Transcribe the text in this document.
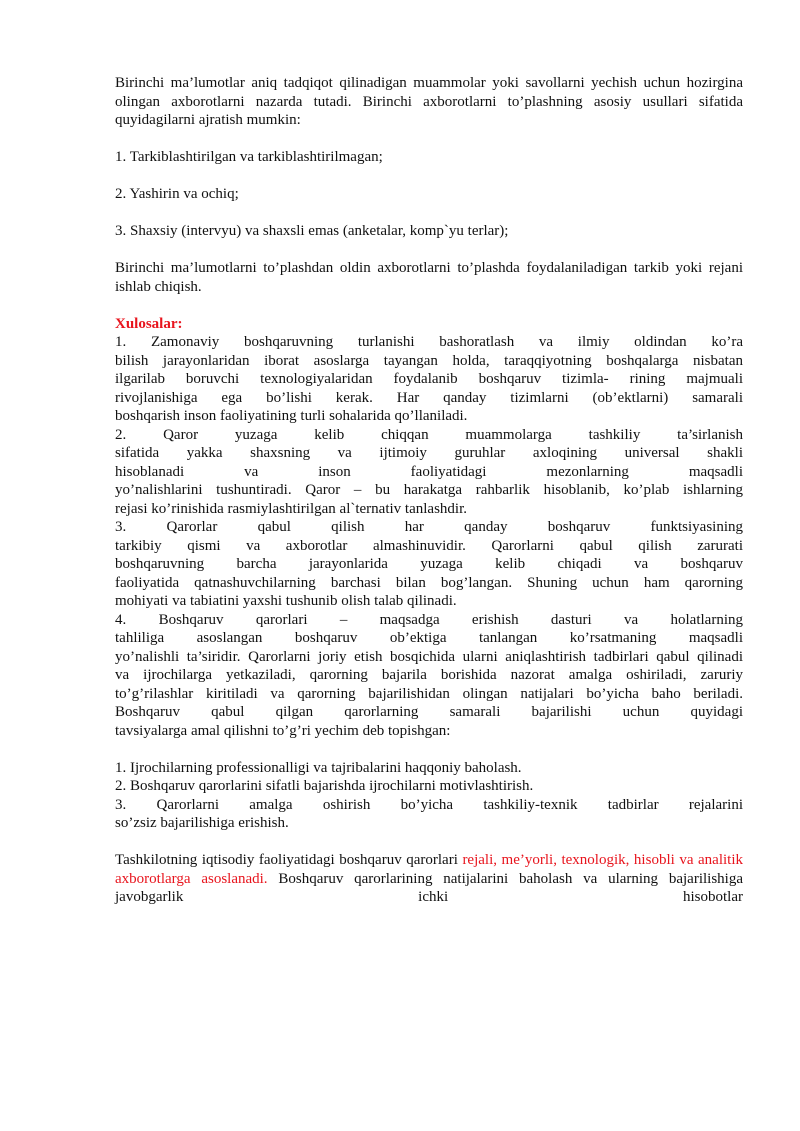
Birinchi ma’lumotlar aniq tadqiqot qilinadigan muammolar yoki savollarni yechish uchun hozirgina olingan axborotlarni nazarda tutadi. Birinchi axborotlarni to’plashning asosiy usullari sifatida quyidagilarni ajratish mumkin:

1. Tarkiblashtirilgan va tarkiblashtirilmagan;

2. Yashirin va ochiq;

3. Shaxsiy (intervyu) va shaxsli emas (anketalar, komp`yu terlar);

Birinchi ma’lumotlarni to’plashdan oldin axborotlarni to’plashda foydalaniladigan tarkib yoki rejani ishlab chiqish.

Xulosalar:

1. Zamonaviy boshqaruvning turlanishi bashoratlash va ilmiy oldindan ko’ra
bilish jarayonlaridan iborat asoslarga tayangan holda, taraqqiyotning boshqalarga nisbatan
ilgarilab boruvchi texnologiyalaridan foydalanib boshqaruv tizimla- rining majmuali
rivojlanishiga ega bo’lishi kerak. Har qanday tizimlarni (ob’ektlarni) samarali
boshqarish inson faoliyatining turli sohalarida qo’llaniladi.
2. Qaror yuzaga kelib chiqqan muammolarga tashkiliy ta’sirlanish
sifatida yakka shaxsning va ijtimoiy guruhlar axloqining universal shakli
hisoblanadi va inson faoliyatidagi mezonlarning maqsadli
yo’nalishlarini tushuntiradi. Qaror – bu harakatga rahbarlik hisoblanib, ko’plab ishlarning
rejasi ko’rinishida rasmiylashtirilgan al`ternativ tanlashdir.
3. Qarorlar qabul qilish har qanday boshqaruv funktsiyasining
tarkibiy qismi va axborotlar almashinuvidir. Qarorlarni qabul qilish zarurati
boshqaruvning barcha jarayonlarida yuzaga kelib chiqadi va boshqaruv
faoliyatida qatnashuvchilarning barchasi bilan bog’langan. Shuning uchun ham qarorning
mohiyati va tabiatini yaxshi tushunib olish talab qilinadi.
4. Boshqaruv qarorlari – maqsadga erishish dasturi va holatlarning
tahliliga asoslangan boshqaruv ob’ektiga tanlangan ko’rsatmaning maqsadli
yo’nalishli ta’siridir. Qarorlarni joriy etish bosqichida ularni aniqlashtirish tadbirlari qabul qilinadi
va ijrochilarga yetkaziladi, qarorning bajarila borishida nazorat amalga oshiriladi, zaruriy
to’g’rilashlar kiritiladi va qarorning bajarilishidan olingan natijalari bo’yicha baho beriladi.
Boshqaruv qabul qilgan qarorlarning samarali bajarilishi uchun quyidagi
tavsiyalarga amal qilishni to’g’ri yechim deb topishgan:
1. Ijrochilarning professionalligi va tajribalarini haqqoniy baholash.
2. Boshqaruv qarorlarini sifatli bajarishda ijrochilarni motivlashtirish.
3. Qarorlarni amalga oshirish bo’yicha tashkiliy-texnik tadbirlar rejalarini
so’zsiz bajarilishiga erishish.

Tashkilotning iqtisodiy faoliyatidagi boshqaruv qarorlari rejali, me’yorli, texnologik, hisobli va analitik axborotlarga asoslanadi. Boshqaruv qarorlarining natijalarini baholash va ularning bajarilishiga javobgarlik ichki hisobotlar
